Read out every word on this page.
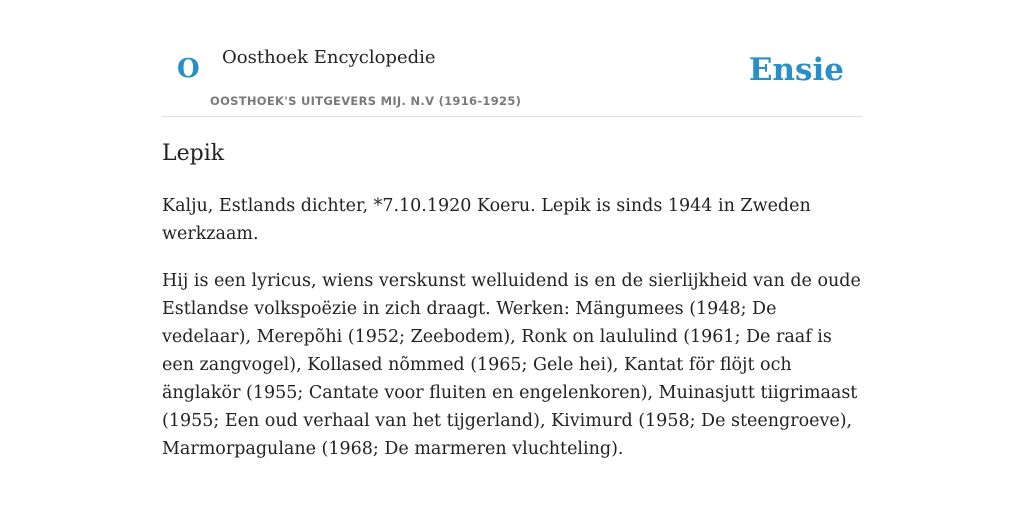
O Oosthoek Encyclopedie
OOSTHOEK'S UITGEVERS MIJ. N.V (1916-1925)
Ensie
Lepik

Kalju, Estlands dichter, *7.10.1920 Koeru. Lepik is sinds 1944 in Zweden werkzaam.

Hij is een lyricus, wiens verskunst welluidend is en de sierlijkheid van de oude Estlandse volkspoëzie in zich draagt. Werken: Mängumees (1948; De vedelaar), Merepõhi (1952; Zeebodem), Ronk on laululind (1961; De raaf is een zangvogel), Kollased nõmmed (1965; Gele hei), Kantat för flöjt och änglakör (1955; Cantate voor fluiten en engelenkoren), Muinasjutt tiigrimaast (1955; Een oud verhaal van het tijgerland), Kivimurd (1958; De steengroeve), Marmorpagulane (1968; De marmeren vluchteling).
